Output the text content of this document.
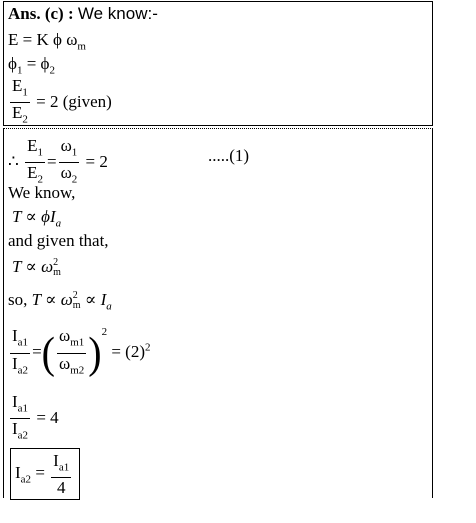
Ans. (c) : We know:-
E = K ϕ $\omega_m$
$\phi_1 = \phi_2$
$\frac{E_1}{E_2} = 2$ (given)
∴ $\frac{E_1}{E_2} = \frac{\omega_1}{\omega_2} = 2$	.....(1)
We know,
$T \propto \phi I_a$
and given that,
T ∝ ω 2
m
so, T ∝ ω 2
$m \propto I_a$
$\frac{I_{a1}}{I_{a2}}$ =( $\frac{\omega_{m1}}{\omega_{m2}} )^2 = (2)^2$
$\frac{I_{a1}}{I_{a2}} = 4$
$I_{a2} = \frac{I_{a1}}{4}$
